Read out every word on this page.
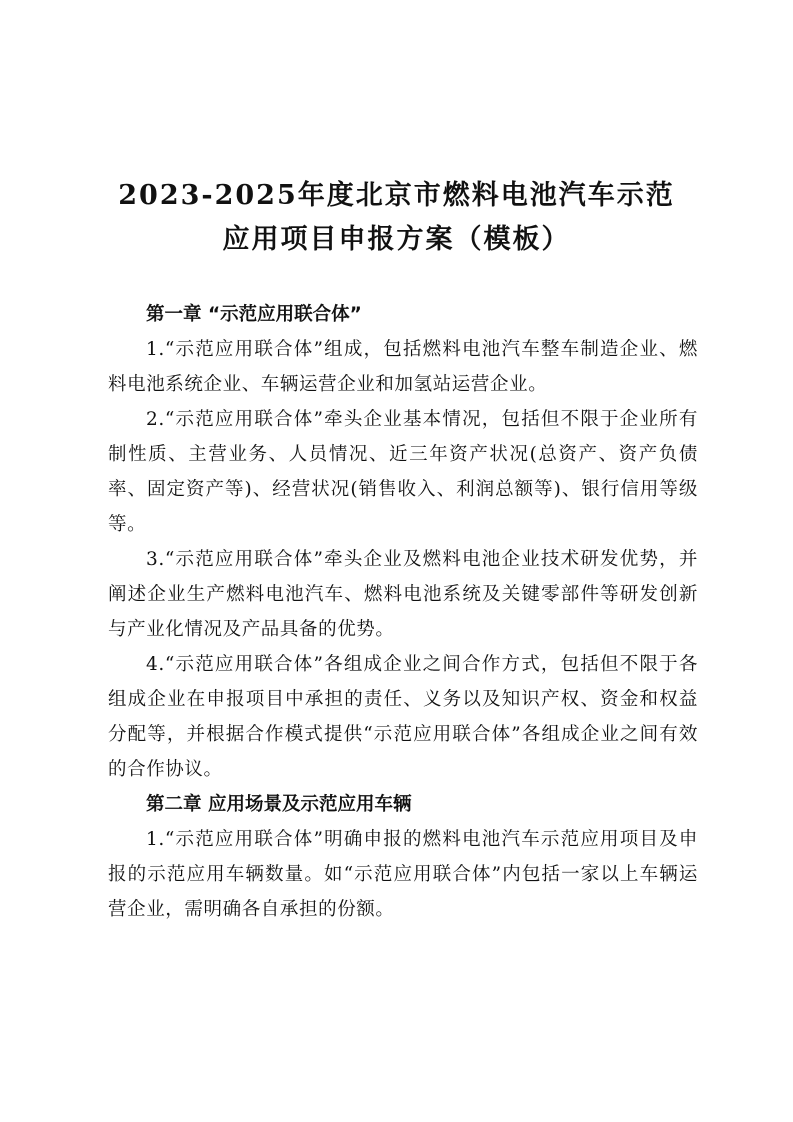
2023-2025年度北京市燃料电池汽车示范
应用项目申报方案（模板）

第一章 “示范应用联合体”

1.“示范应用联合体”组成，包括燃料电池汽车整车制造企业、燃料电池系统企业、车辆运营企业和加氢站运营企业。

2.“示范应用联合体”牵头企业基本情况，包括但不限于企业所有制性质、主营业务、人员情况、近三年资产状况(总资产、资产负债率、固定资产等)、经营状况(销售收入、利润总额等)、银行信用等级等。

3.“示范应用联合体”牵头企业及燃料电池企业技术研发优势，并阐述企业生产燃料电池汽车、燃料电池系统及关键零部件等研发创新与产业化情况及产品具备的优势。

4.“示范应用联合体”各组成企业之间合作方式，包括但不限于各组成企业在申报项目中承担的责任、义务以及知识产权、资金和权益分配等，并根据合作模式提供“示范应用联合体”各组成企业之间有效的合作协议。

第二章 应用场景及示范应用车辆

1.“示范应用联合体”明确申报的燃料电池汽车示范应用项目及申报的示范应用车辆数量。如“示范应用联合体”内包括一家以上车辆运营企业，需明确各自承担的份额。
